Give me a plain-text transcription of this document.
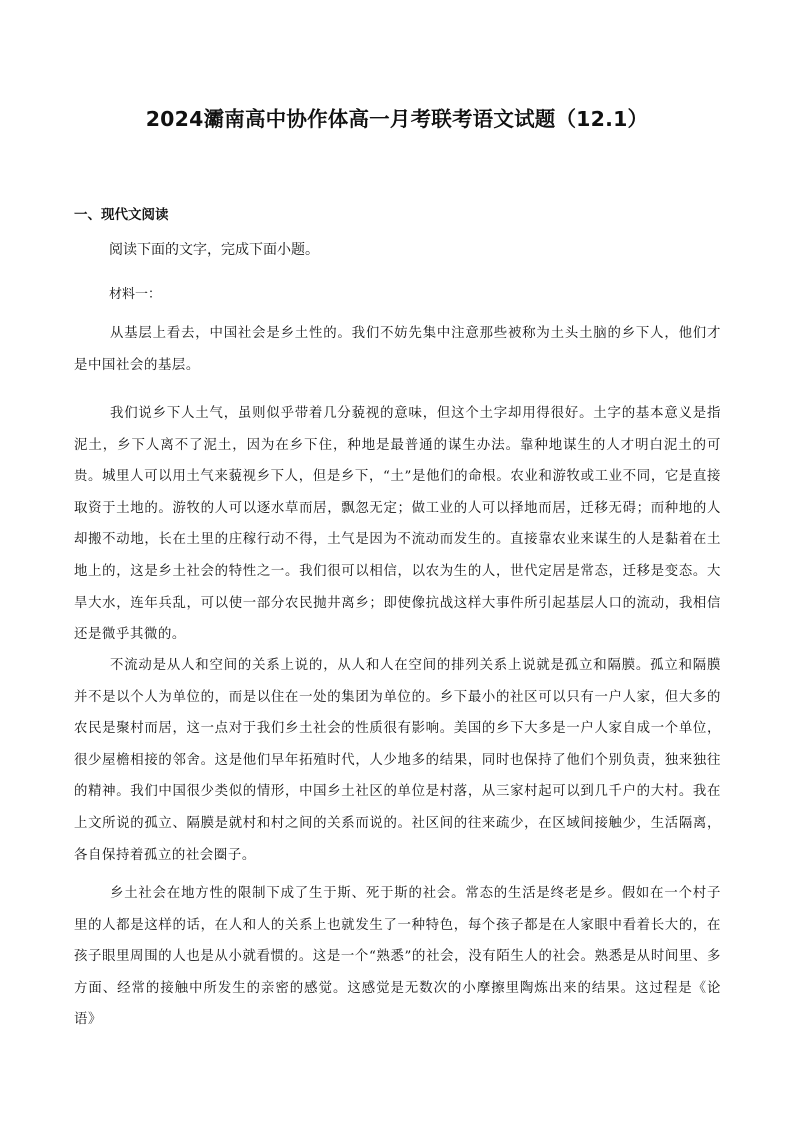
2024灞南高中协作体高一月考联考语文试题（12.1）
一、现代文阅读

阅读下面的文字，完成下面小题。

材料一：

从基层上看去，中国社会是乡土性的。我们不妨先集中注意那些被称为土头土脑的乡下人，他们才是中国社会的基层。

我们说乡下人土气，虽则似乎带着几分藐视的意味，但这个土字却用得很好。土字的基本意义是指泥土，乡下人离不了泥土，因为在乡下住，种地是最普通的谋生办法。靠种地谋生的人才明白泥土的可贵。城里人可以用土气来藐视乡下人，但是乡下，“土”是他们的命根。农业和游牧或工业不同，它是直接取资于土地的。游牧的人可以逐水草而居，飘忽无定；做工业的人可以择地而居，迁移无碍；而种地的人却搬不动地，长在土里的庄稼行动不得，土气是因为不流动而发生的。直接靠农业来谋生的人是黏着在土地上的，这是乡土社会的特性之一。我们很可以相信，以农为生的人，世代定居是常态，迁移是变态。大旱大水，连年兵乱，可以使一部分农民抛井离乡；即使像抗战这样大事件所引起基层人口的流动，我相信还是微乎其微的。

不流动是从人和空间的关系上说的，从人和人在空间的排列关系上说就是孤立和隔膜。孤立和隔膜并不是以个人为单位的，而是以住在一处的集团为单位的。乡下最小的社区可以只有一户人家，但大多的农民是聚村而居，这一点对于我们乡土社会的性质很有影响。美国的乡下大多是一户人家自成一个单位，很少屋檐相接的邻舍。这是他们早年拓殖时代，人少地多的结果，同时也保持了他们个别负责，独来独往的精神。我们中国很少类似的情形，中国乡土社区的单位是村落，从三家村起可以到几千户的大村。我在上文所说的孤立、隔膜是就村和村之间的关系而说的。社区间的往来疏少，在区域间接触少，生活隔离，各自保持着孤立的社会圈子。

乡土社会在地方性的限制下成了生于斯、死于斯的社会。常态的生活是终老是乡。假如在一个村子里的人都是这样的话，在人和人的关系上也就发生了一种特色，每个孩子都是在人家眼中看着长大的，在孩子眼里周围的人也是从小就看惯的。这是一个“熟悉”的社会，没有陌生人的社会。熟悉是从时间里、多方面、经常的接触中所发生的亲密的感觉。这感觉是无数次的小摩擦里陶炼出来的结果。这过程是《论语》
